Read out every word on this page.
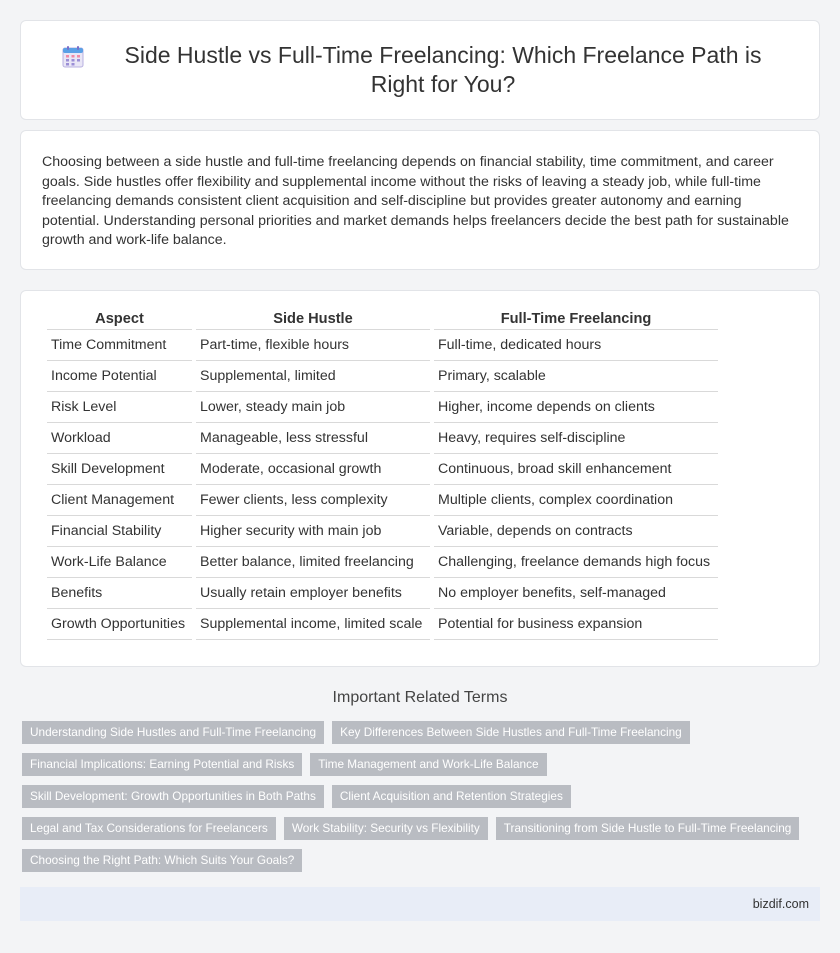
Side Hustle vs Full-Time Freelancing: Which Freelance Path is Right for You?

Choosing between a side hustle and full-time freelancing depends on financial stability, time commitment, and career goals. Side hustles offer flexibility and supplemental income without the risks of leaving a steady job, while full-time freelancing demands consistent client acquisition and self-discipline but provides greater autonomy and earning potential. Understanding personal priorities and market demands helps freelancers decide the best path for sustainable growth and work-life balance.

Aspect	Side Hustle	Full-Time Freelancing
Time Commitment	Part-time, flexible hours	Full-time, dedicated hours
Income Potential	Supplemental, limited	Primary, scalable
Risk Level	Lower, steady main job	Higher, income depends on clients
Workload	Manageable, less stressful	Heavy, requires self-discipline
Skill Development	Moderate, occasional growth	Continuous, broad skill enhancement
Client Management	Fewer clients, less complexity	Multiple clients, complex coordination
Financial Stability	Higher security with main job	Variable, depends on contracts
Work-Life Balance	Better balance, limited freelancing	Challenging, freelance demands high focus
Benefits	Usually retain employer benefits	No employer benefits, self-managed
Growth Opportunities	Supplemental income, limited scale	Potential for business expansion
Important Related Terms
Understanding Side Hustles and Full-Time Freelancing	Key Differences Between Side Hustles and Full-Time Freelancing
Financial Implications: Earning Potential and Risks	Time Management and Work-Life Balance
Skill Development: Growth Opportunities in Both Paths	Client Acquisition and Retention Strategies
Legal and Tax Considerations for Freelancers	Work Stability: Security vs Flexibility	Transitioning from Side Hustle to Full-Time Freelancing
Choosing the Right Path: Which Suits Your Goals?
bizdif.com
